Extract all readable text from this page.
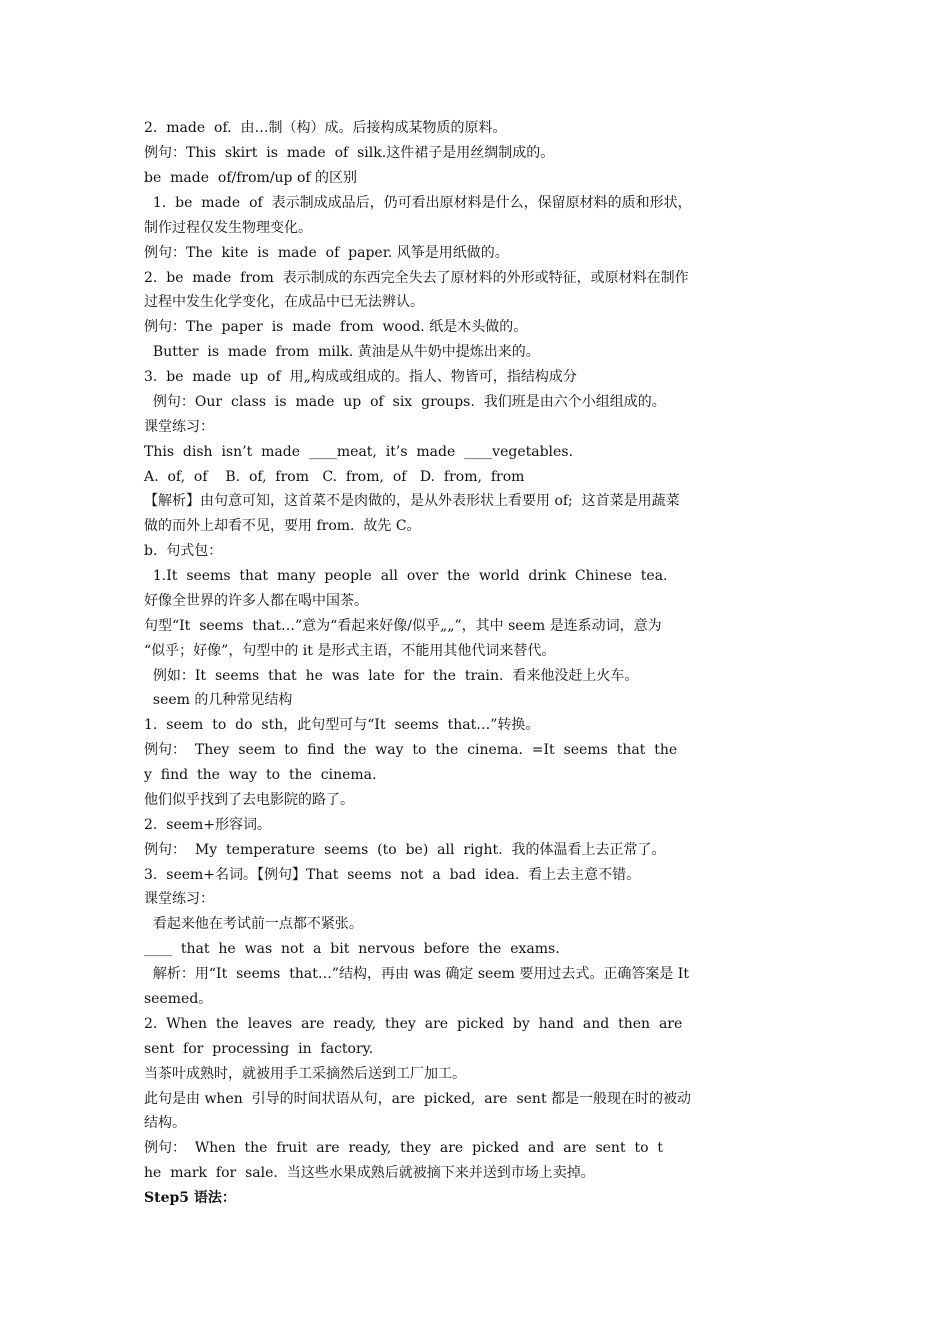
2.  made  of.  由…制（构）成。后接构成某物质的原料。
例句：This  skirt  is  made  of  silk.这件裙子是用丝绸制成的。
be  made  of/from/up of 的区别
1.  be  made  of  表示制成成品后，仍可看出原材料是什么，保留原材料的质和形状，
制作过程仅发生物理变化。
例句：The  kite  is  made  of  paper. 风筝是用纸做的。
2.  be  made  from  表示制成的东西完全失去了原材料的外形或特征，或原材料在制作
过程中发生化学变化，在成品中已无法辨认。
例句：The  paper  is  made  from  wood. 纸是木头做的。
Butter  is  made  from  milk. 黄油是从牛奶中提炼出来的。
3.  be  made  up  of  用„构成或组成的。指人、物皆可，指结构成分
例句：Our  class  is  made  up  of  six  groups.  我们班是由六个小组组成的。
课堂练习：
This  dish  isn’t  made  ____meat,  it’s  made  ____vegetables.
A.  of,  of    B.  of,  from   C.  from,  of   D.  from,  from
【解析】由句意可知，这首菜不是肉做的，是从外表形状上看要用 of;  这首菜是用蔬菜
做的而外上却看不见，要用 from.  故先 C。
b.  句式包：
1.It  seems  that  many  people  all  over  the  world  drink  Chinese  tea.
好像全世界的许多人都在喝中国茶。
句型“It  seems  that…”意为“看起来好像/似乎„„”，其中 seem 是连系动词，意为
“似乎；好像”，句型中的 it 是形式主语，不能用其他代词来替代。
例如：It  seems  that  he  was  late  for  the  train.  看来他没赶上火车。
seem 的几种常见结构
1.  seem  to  do  sth，此句型可与“It  seems  that…”转换。
例句：  They  seem  to  find  the  way  to  the  cinema.  =It  seems  that  the
y  find  the  way  to  the  cinema.
他们似乎找到了去电影院的路了。
2.  seem+形容词。
例句：  My  temperature  seems  (to  be)  all  right.  我的体温看上去正常了。
3.  seem+名词。【例句】That  seems  not  a  bad  idea.  看上去主意不错。
课堂练习：
看起来他在考试前一点都不紧张。
____  that  he  was  not  a  bit  nervous  before  the  exams.
解析：用“It  seems  that…”结构，再由 was 确定 seem 要用过去式。正确答案是 It
seemed。
2.  When  the  leaves  are  ready,  they  are  picked  by  hand  and  then  are
sent  for  processing  in  factory.
当茶叶成熟时，就被用手工采摘然后送到工厂加工。
此句是由 when  引导的时间状语从句，are  picked,  are  sent 都是一般现在时的被动
结构。
例句：  When  the  fruit  are  ready,  they  are  picked  and  are  sent  to  t
he  mark  for  sale.  当这些水果成熟后就被摘下来并送到市场上卖掉。
Step5 语法：
